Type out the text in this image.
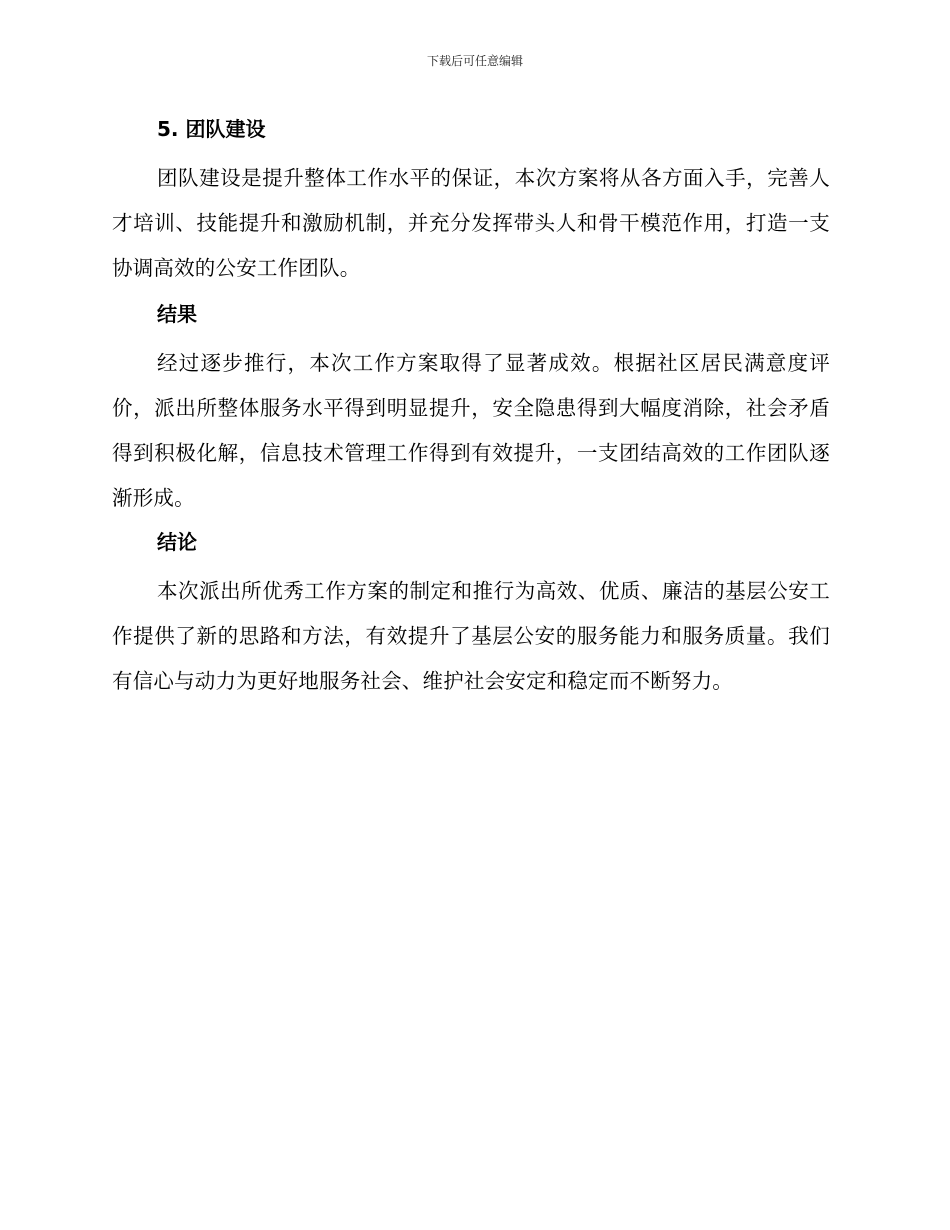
下载后可任意编辑
5. 团队建设

团队建设是提升整体工作水平的保证，本次方案将从各方面入手，完善人才培训、技能提升和激励机制，并充分发挥带头人和骨干模范作用，打造一支协调高效的公安工作团队。

结果

经过逐步推行，本次工作方案取得了显著成效。根据社区居民满意度评价，派出所整体服务水平得到明显提升，安全隐患得到大幅度消除，社会矛盾得到积极化解，信息技术管理工作得到有效提升，一支团结高效的工作团队逐渐形成。

结论

本次派出所优秀工作方案的制定和推行为高效、优质、廉洁的基层公安工作提供了新的思路和方法，有效提升了基层公安的服务能力和服务质量。我们有信心与动力为更好地服务社会、维护社会安定和稳定而不断努力。
